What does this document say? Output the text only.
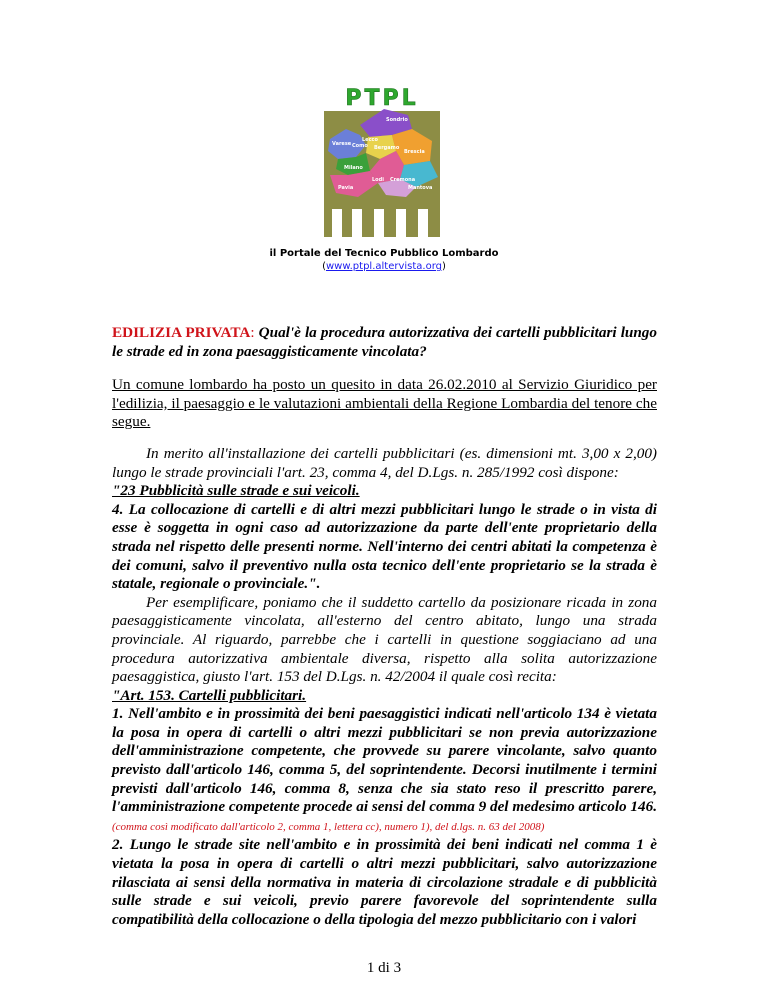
Sondrio
Varese
Lecco
Como Bergamo
Brescia
Milano
Lodi Cremona
Pavia	Mantova
PTPL
il Portale del Tecnico Pubblico Lombardo
(www.ptpl.altervista.org)

EDILIZIA PRIVATA: Qual'è la procedura autorizzativa dei cartelli pubblicitari lungo le strade ed in zona paesaggisticamente vincolata?

Un comune lombardo ha posto un quesito in data 26.02.2010 al Servizio Giuridico per l'edilizia, il paesaggio e le valutazioni ambientali della Regione Lombardia del tenore che segue.

In merito all'installazione dei cartelli pubblicitari (es. dimensioni mt. 3,00 x 2,00) lungo le strade provinciali l'art. 23, comma 4, del D.Lgs. n. 285/1992 così dispone:

"23 Pubblicità sulle strade e sui veicoli.

4. La collocazione di cartelli e di altri mezzi pubblicitari lungo le strade o in vista di esse è soggetta in ogni caso ad autorizzazione da parte dell'ente proprietario della strada nel rispetto delle presenti norme. Nell'interno dei centri abitati la competenza è dei comuni, salvo il preventivo nulla osta tecnico dell'ente proprietario se la strada è statale, regionale o provinciale.".

Per esemplificare, poniamo che il suddetto cartello da posizionare ricada in zona paesaggisticamente vincolata, all'esterno del centro abitato, lungo una strada provinciale. Al riguardo, parrebbe che i cartelli in questione soggiaciano ad una procedura autorizzativa ambientale diversa, rispetto alla solita autorizzazione paesaggistica, giusto l'art. 153 del D.Lgs. n. 42/2004 il quale così recita:

"Art. 153. Cartelli pubblicitari.

1. Nell'ambito e in prossimità dei beni paesaggistici indicati nell'articolo 134 è vietata la posa in opera di cartelli o altri mezzi pubblicitari se non previa autorizzazione dell'amministrazione competente, che provvede su parere vincolante, salvo quanto previsto dall'articolo 146, comma 5, del soprintendente. Decorsi inutilmente i termini previsti dall'articolo 146, comma 8, senza che sia stato reso il prescritto parere, l'amministrazione competente procede ai sensi del comma 9 del medesimo articolo 146. (comma così modificato dall'articolo 2, comma 1, lettera cc), numero 1), del d.lgs. n. 63 del 2008)

2. Lungo le strade site nell'ambito e in prossimità dei beni indicati nel comma 1 è vietata la posa in opera di cartelli o altri mezzi pubblicitari, salvo autorizzazione rilasciata ai sensi della normativa in materia di circolazione stradale e di pubblicità sulle strade e sui veicoli, previo parere favorevole del soprintendente sulla compatibilità della collocazione o della tipologia del mezzo pubblicitario con i valori

1 di 3
